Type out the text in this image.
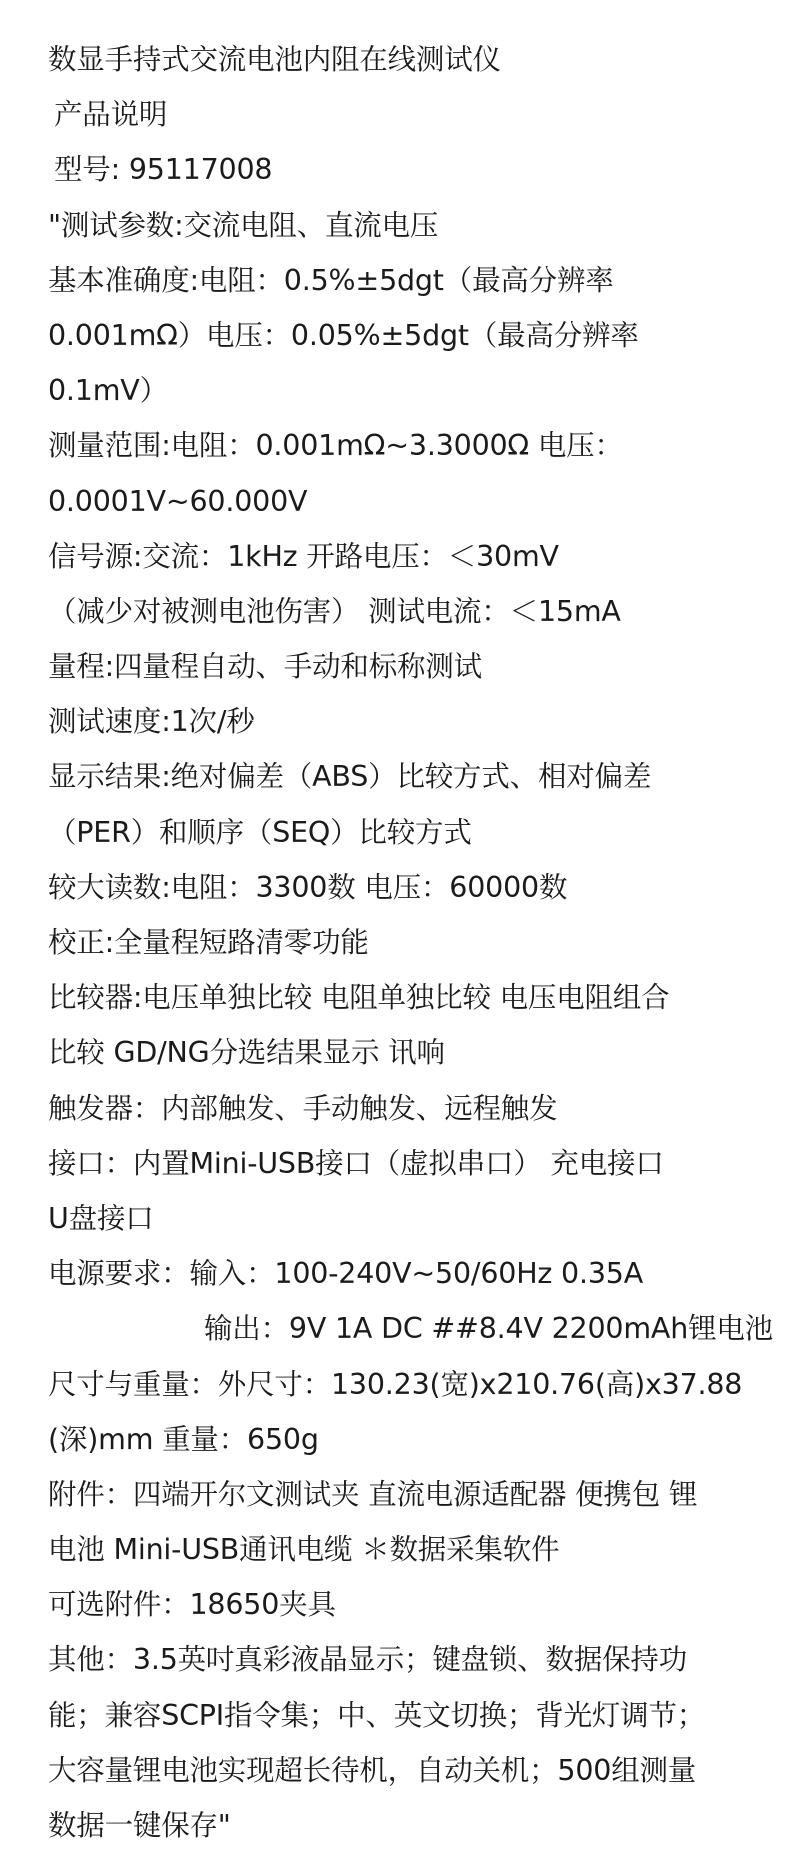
数显手持式交流电池内阻在线测试仪
产品说明
型号: 95117008
"测试参数:交流电阻、直流电压
基本准确度:电阻：0.5%±5dgt（最高分辨率
0.001mΩ）电压：0.05%±5dgt（最高分辨率
0.1mV）
测量范围:电阻：0.001mΩ~3.3000Ω 电压：
0.0001V~60.000V
信号源:交流：1kHz 开路电压：＜30mV
（减少对被测电池伤害） 测试电流：＜15mA
量程:四量程自动、手动和标称测试
测试速度:1次/秒
显示结果:绝对偏差（ABS）比较方式、相对偏差
（PER）和顺序（SEQ）比较方式
较大读数:电阻：3300数 电压：60000数
校正:全量程短路清零功能
比较器:电压单独比较 电阻单独比较 电压电阻组合
比较 GD/NG分选结果显示 讯响
触发器：内部触发、手动触发、远程触发
接口：内置Mini-USB接口（虚拟串口） 充电接口
U盘接口
电源要求：输入：100-240V~50/60Hz 0.35A
输出：9V 1A DC ##8.4V 2200mAh锂电池
尺寸与重量：外尺寸：130.23(宽)x210.76(高)x37.88
(深)mm 重量：650g
附件：四端开尔文测试夹 直流电源适配器 便携包 锂
电池 Mini-USB通讯电缆 ＊数据采集软件
可选附件：18650夹具
其他：3.5英吋真彩液晶显示；键盘锁、数据保持功
能；兼容SCPI指令集；中、英文切换；背光灯调节；
大容量锂电池实现超长待机，自动关机；500组测量
数据一键保存"
